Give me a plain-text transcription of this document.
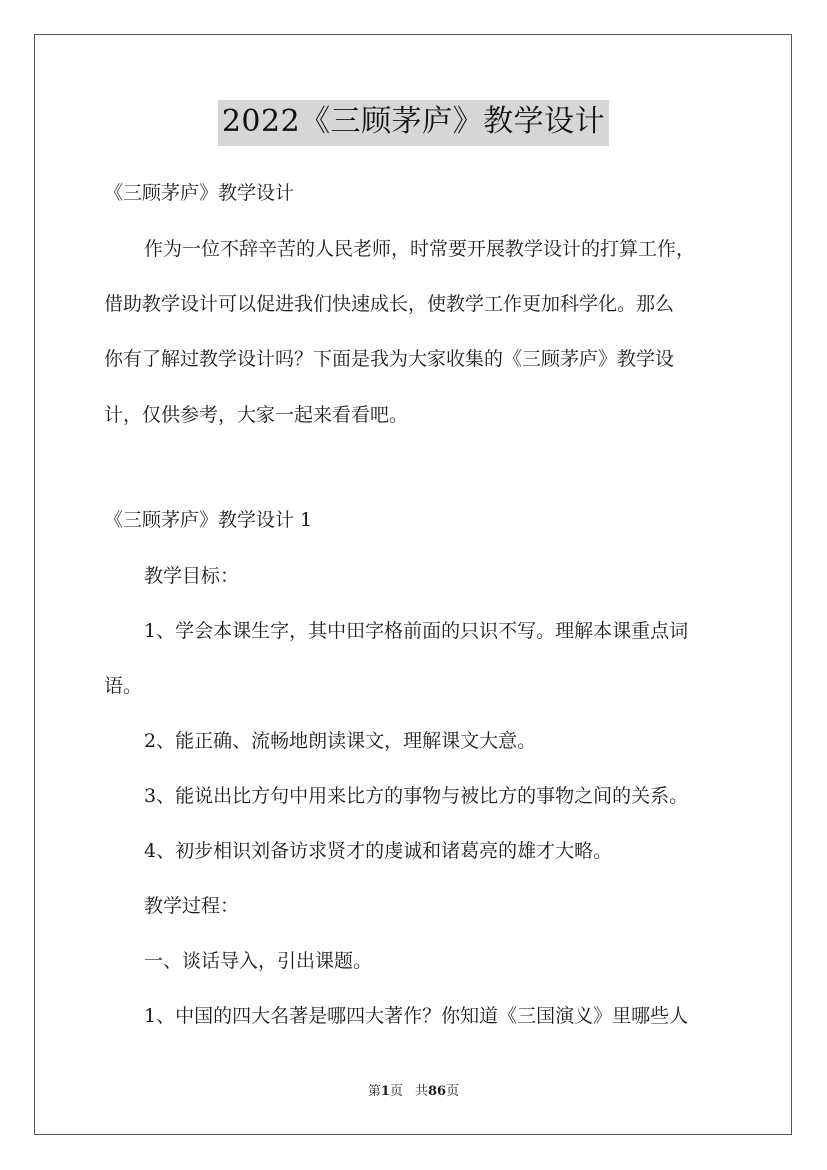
2022《三顾茅庐》教学设计
《三顾茅庐》教学设计
作为一位不辞辛苦的人民老师，时常要开展教学设计的打算工作，
借助教学设计可以促进我们快速成长，使教学工作更加科学化。那么
你有了解过教学设计吗？下面是我为大家收集的《三顾茅庐》教学设
计，仅供参考，大家一起来看看吧。
《三顾茅庐》教学设计 1
教学目标：
1、学会本课生字，其中田字格前面的只识不写。理解本课重点词
语。
2、能正确、流畅地朗读课文，理解课文大意。
3、能说出比方句中用来比方的事物与被比方的事物之间的关系。
4、初步相识刘备访求贤才的虔诚和诸葛亮的雄才大略。
教学过程：
一、谈话导入，引出课题。
1、中国的四大名著是哪四大著作？你知道《三国演义》里哪些人
第1页 共86页
